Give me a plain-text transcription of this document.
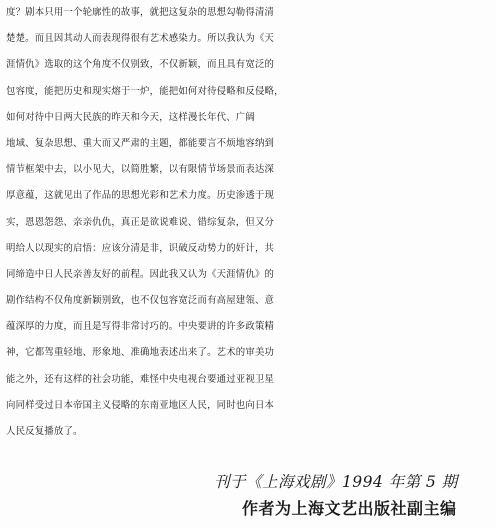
度？剧本只用一个轮廓性的故事，就把这复杂的思想勾勒得清清
楚楚。而且因其动人而表现得很有艺术感染力。所以我认为《天
涯情仇》选取的这个角度不仅别致，不仅新颖，而且具有宽泛的
包容度，能把历史和现实熔于一炉，能把如何对待侵略和反侵略，
如何对待中日两大民族的昨天和今天，这样漫长年代、广阔
地域、复杂思想、重大而又严肃的主题，都能要言不烦地容纳到
情节框架中去，以小见大，以简胜繁，以有限情节场景而表达深
厚意蕴，这就见出了作品的思想光彩和艺术力度。历史渗透于现
实，恩恩怨怨、亲亲仇仇，真正是欲说难说、错综复杂，但又分
明给人以现实的启悟：应该分清是非，识破反动势力的奸计，共
同缔造中日人民亲善友好的前程。因此我又认为《天涯情仇》的
剧作结构不仅角度新颖别致，也不仅包容宽泛而有高屋建瓴、意
蕴深厚的力度，而且是写得非常讨巧的。中央要讲的许多政策精
神，它都驾重轻地、形象地、准确地表述出来了。艺术的审美功
能之外，还有这样的社会功能，难怪中央电视台要通过亚视卫星
向同样受过日本帝国主义侵略的东南亚地区人民，同时也向日本
人民反复播放了。
刊于《上海戏剧》1994 年第 5 期
作者为上海文艺出版社副主编
